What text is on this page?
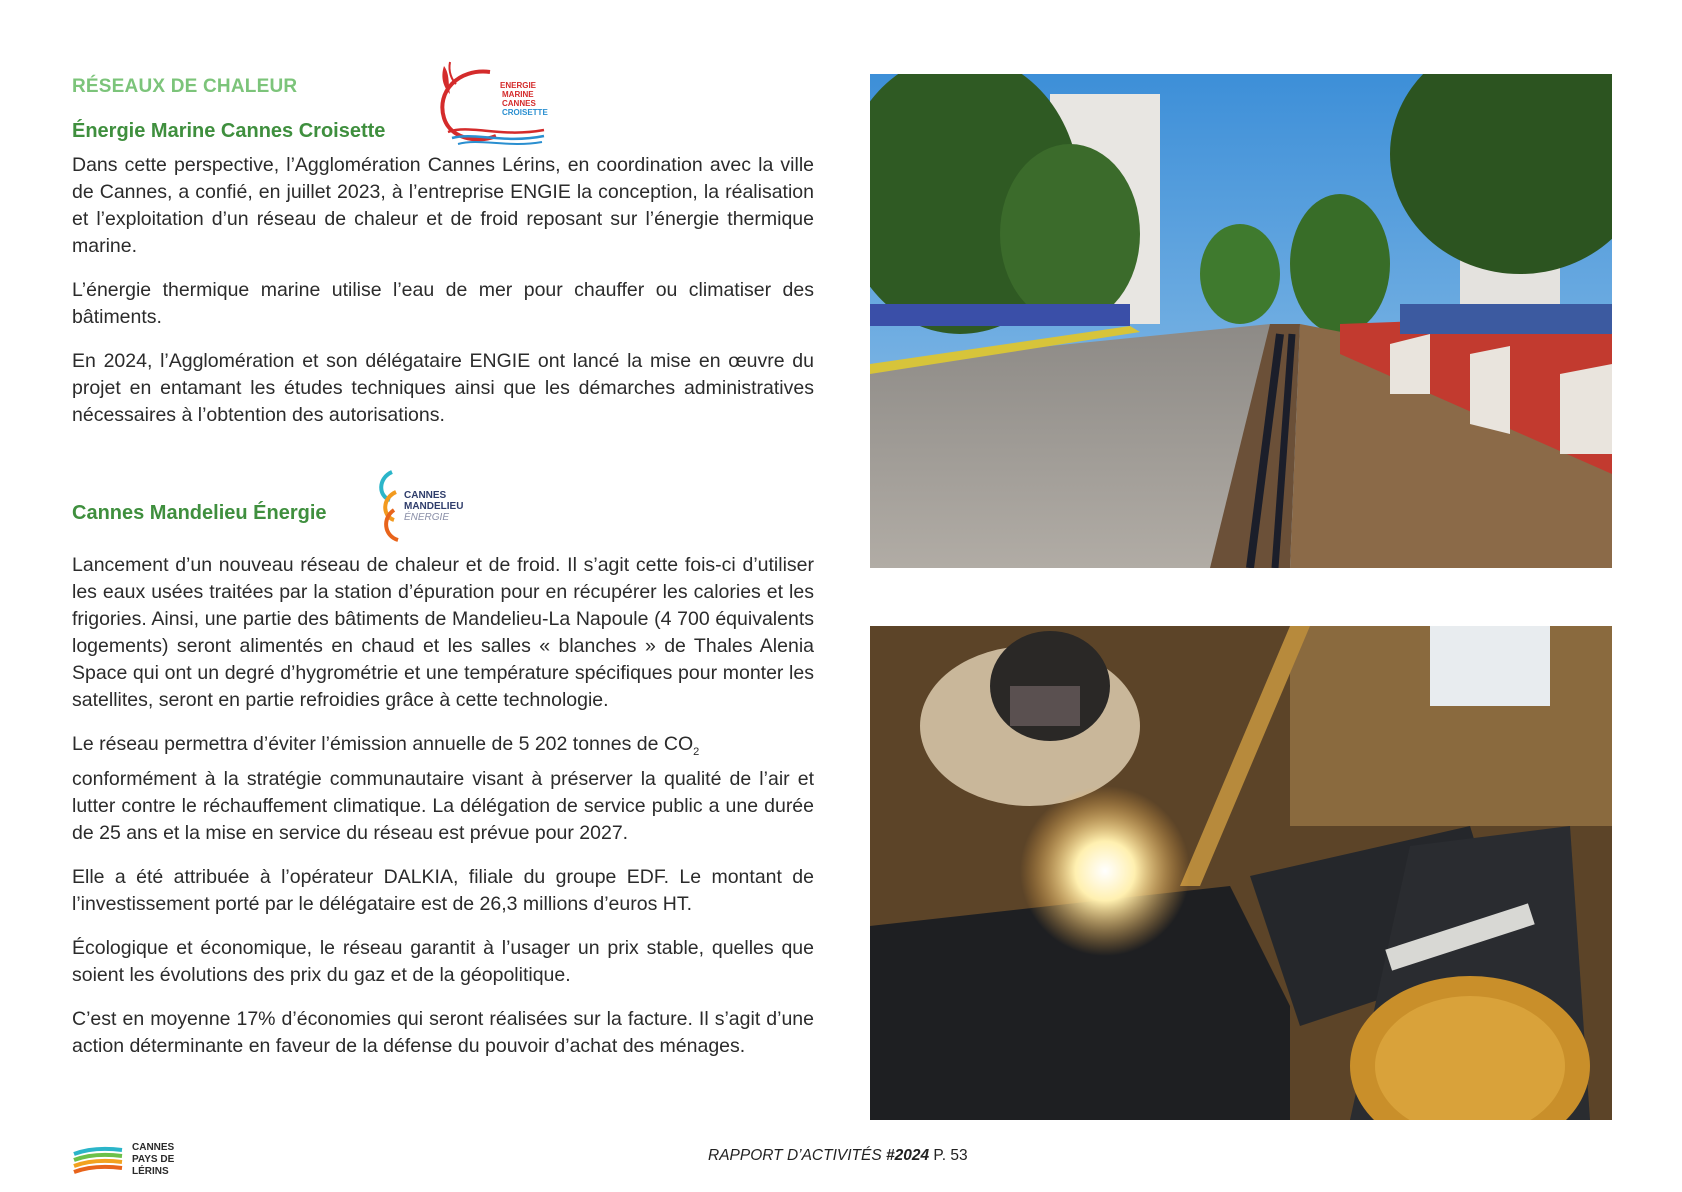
RÉSEAUX DE CHALEUR
Énergie Marine Cannes Croisette
ENERGIE
MARINE
CANNES
CROISETTE

Dans cette perspective, l’Agglomération Cannes Lérins, en coordination avec la ville de Cannes, a confié, en juillet 2023, à l’entreprise ENGIE la conception, la réalisation et l’exploitation d’un réseau de chaleur et de froid reposant sur l’énergie thermique marine.

L’énergie thermique marine utilise l’eau de mer pour chauffer ou climatiser des bâtiments.

En 2024, l’Agglomération et son délégataire ENGIE ont lancé la mise en œuvre du projet en entamant les études techniques ainsi que les démarches administratives nécessaires à l’obtention des autorisations.

Cannes Mandelieu Énergie
CANNES
MANDELIEU
ÉNERGIE

Lancement d’un nouveau réseau de chaleur et de froid. Il s’agit cette fois-ci d’utiliser les eaux usées traitées par la station d’épuration pour en récupérer les calories et les frigories. Ainsi, une partie des bâtiments de Mandelieu-La Napoule (4 700 équivalents logements) seront alimentés en chaud et les salles « blanches » de Thales Alenia Space qui ont un degré d’hygrométrie et une température spécifiques pour monter les satellites, seront en partie refroidies grâce à cette technologie.

Le réseau permettra d’éviter l’émission annuelle de 5 202 tonnes de $CO_2$

conformément à la stratégie communautaire visant à préserver la qualité de l’air et lutter contre le réchauffement climatique. La délégation de service public a une durée de 25 ans et la mise en service du réseau est prévue pour 2027.

Elle a été attribuée à l’opérateur DALKIA, filiale du groupe EDF. Le montant de l’investissement porté par le délégataire est de 26,3 millions d’euros HT.

Écologique et économique, le réseau garantit à l’usager un prix stable, quelles que soient les évolutions des prix du gaz et de la géopolitique.

C’est en moyenne 17% d’économies qui seront réalisées sur la facture. Il s’agit d’une action déterminante en faveur de la défense du pouvoir d’achat des ménages.

CANNES
PAYS DE
LÉRINS
RAPPORT D’ACTIVITÉS #2024 P. 53
